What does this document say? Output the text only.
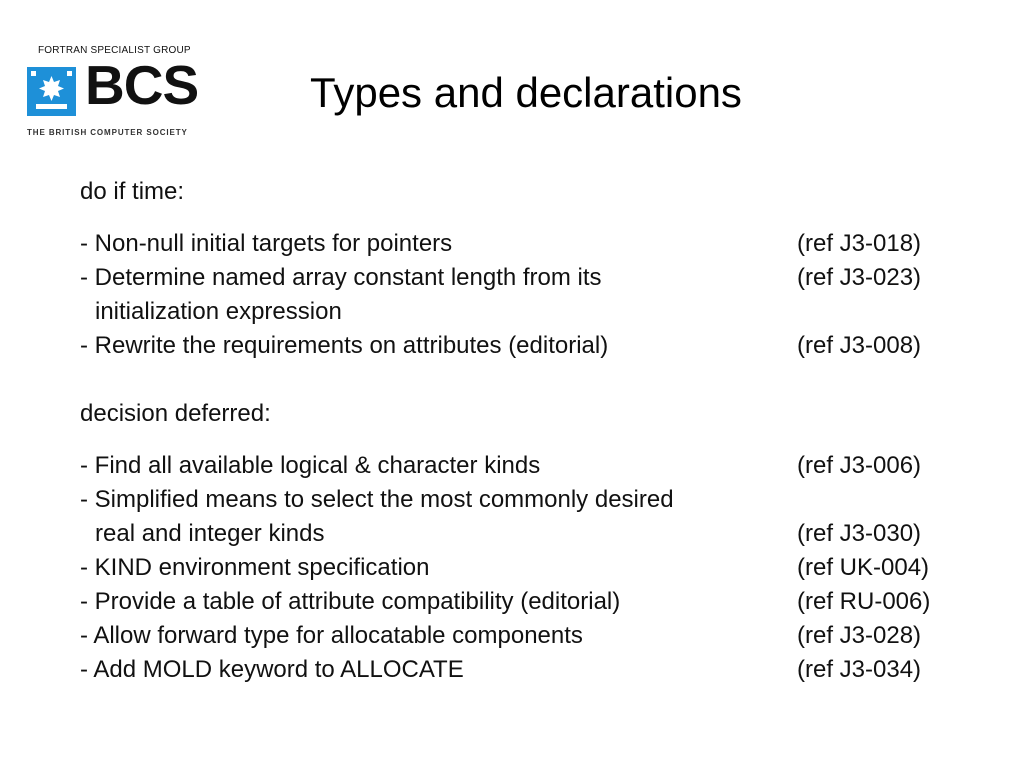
FORTRAN SPECIALIST GROUP
BCS
THE BRITISH COMPUTER SOCIETY
Types and declarations
do if time:
- Non-null initial targets for pointers	(ref J3-018)
- Determine named array constant length from its	(ref J3-023)
initialization expression
- Rewrite the requirements on attributes (editorial)	(ref J3-008)
decision deferred:
- Find all available logical & character kinds	(ref J3-006)
- Simplified means to select the most commonly desired
real and integer kinds	(ref J3-030)
- KIND environment specification	(ref UK-004)
- Provide a table of attribute compatibility (editorial)	(ref RU-006)
- Allow forward type for allocatable components	(ref J3-028)
- Add MOLD keyword to ALLOCATE	(ref J3-034)
